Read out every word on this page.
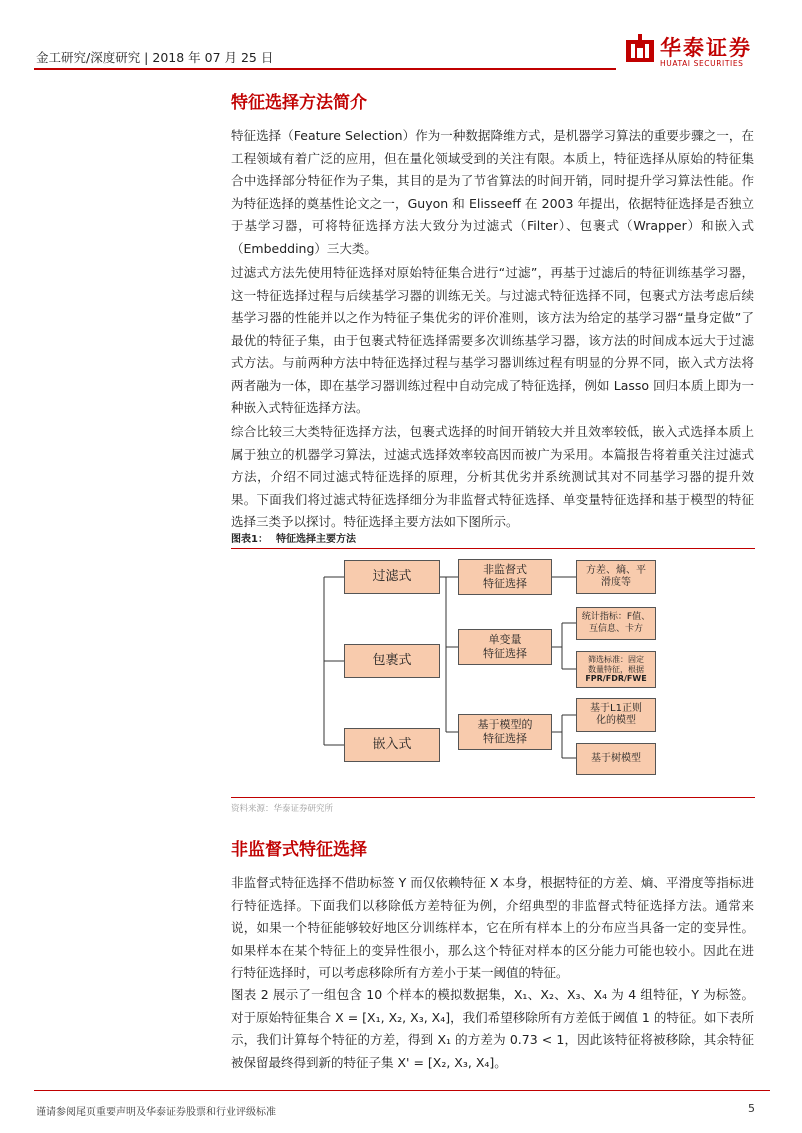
金工研究/深度研究 | 2018 年 07 月 25 日	华泰证券
HUATAI SECURITIES
特征选择方法简介

特征选择（Feature Selection）作为一种数据降维方式，是机器学习算法的重要步骤之一，在工程领域有着广泛的应用，但在量化领域受到的关注有限。本质上，特征选择从原始的特征集合中选择部分特征作为子集，其目的是为了节省算法的时间开销，同时提升学习算法性能。作为特征选择的奠基性论文之一，Guyon 和 Elisseeff 在 2003 年提出，依据特征选择是否独立于基学习器，可将特征选择方法大致分为过滤式（Filter）、包裹式（Wrapper）和嵌入式（Embedding）三大类。

过滤式方法先使用特征选择对原始特征集合进行“过滤”，再基于过滤后的特征训练基学习器，这一特征选择过程与后续基学习器的训练无关。与过滤式特征选择不同，包裹式方法考虑后续基学习器的性能并以之作为特征子集优劣的评价准则，该方法为给定的基学习器“量身定做”了最优的特征子集，由于包裹式特征选择需要多次训练基学习器，该方法的时间成本远大于过滤式方法。与前两种方法中特征选择过程与基学习器训练过程有明显的分界不同，嵌入式方法将两者融为一体，即在基学习器训练过程中自动完成了特征选择，例如 Lasso 回归本质上即为一种嵌入式特征选择方法。

综合比较三大类特征选择方法，包裹式选择的时间开销较大并且效率较低，嵌入式选择本质上属于独立的机器学习算法，过滤式选择效率较高因而被广为采用。本篇报告将着重关注过滤式方法，介绍不同过滤式特征选择的原理，分析其优劣并系统测试其对不同基学习器的提升效果。下面我们将过滤式特征选择细分为非监督式特征选择、单变量特征选择和基于模型的特征选择三类予以探讨。特征选择主要方法如下图所示。

图表1： 特征选择主要方法
过滤式
包裹式
嵌入式
非监督式
特征选择
单变量
特征选择
基于模型的
特征选择
方差、熵、平
滑度等
统计指标：F值、
互信息、卡方
筛选标准：固定
数量特征，根据
FPR/FDR/FWE
基于L1正则
化的模型
基于树模型
资料来源：华泰证券研究所
非监督式特征选择

非监督式特征选择不借助标签 Y 而仅依赖特征 X 本身，根据特征的方差、熵、平滑度等指标进行特征选择。下面我们以移除低方差特征为例，介绍典型的非监督式特征选择方法。通常来说，如果一个特征能够较好地区分训练样本，它在所有样本上的分布应当具备一定的变异性。如果样本在某个特征上的变异性很小，那么这个特征对样本的区分能力可能也较小。因此在进行特征选择时，可以考虑移除所有方差小于某一阈值的特征。

图表 2 展示了一组包含 10 个样本的模拟数据集，X₁、X₂、X₃、X₄ 为 4 组特征，Y 为标签。对于原始特征集合 X = [X₁, X₂, X₃, X₄]，我们希望移除所有方差低于阈值 1 的特征。如下表所示，我们计算每个特征的方差，得到 X₁ 的方差为 0.73 < 1，因此该特征将被移除，其余特征被保留最终得到新的特征子集 X' = [X₂, X₃, X₄]。

谨请参阅尾页重要声明及华泰证券股票和行业评级标准	5
